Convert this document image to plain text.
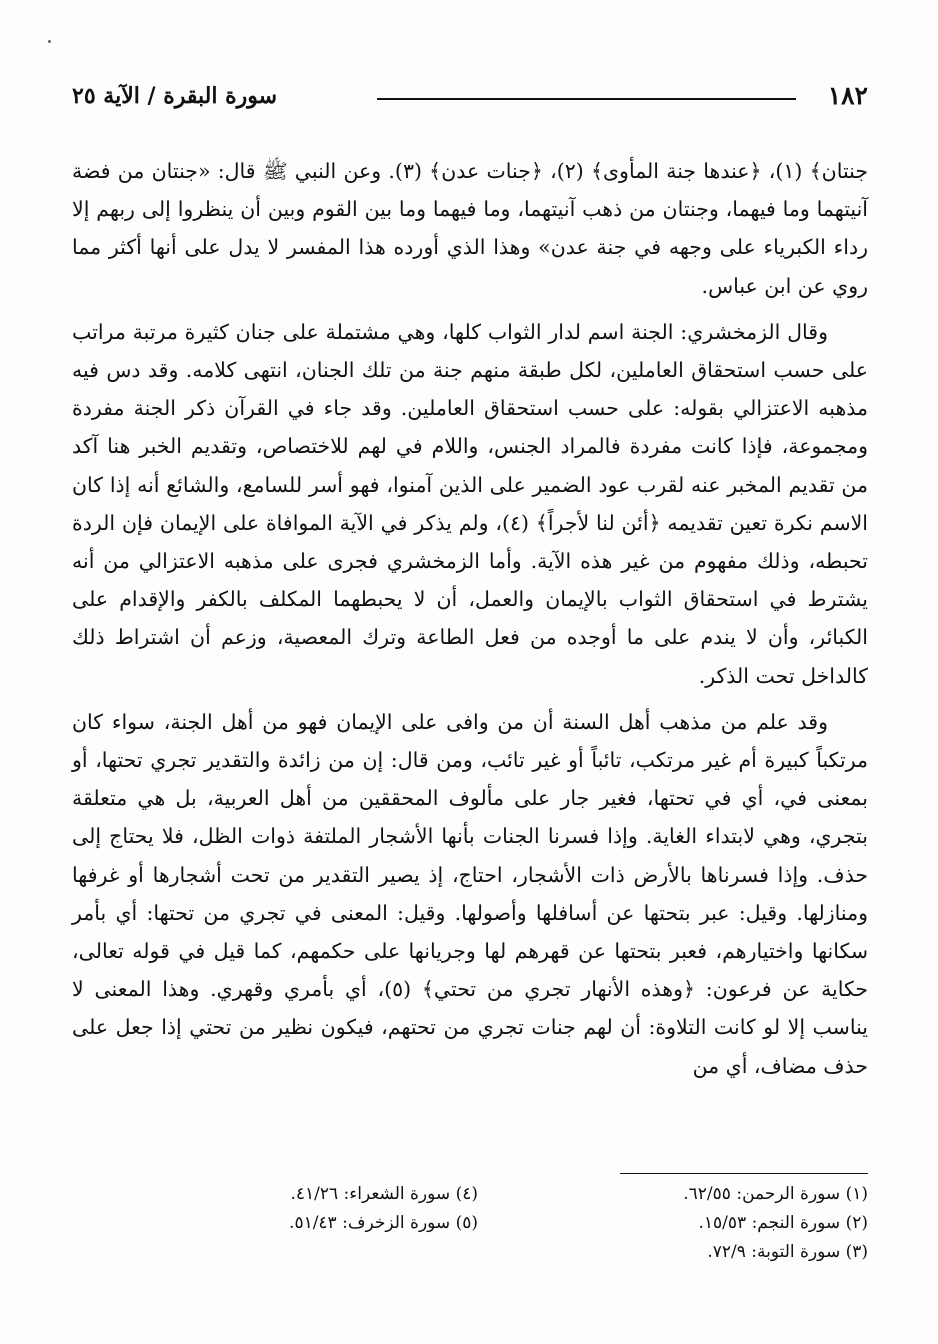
١٨٢
سورة البقرة / الآية ٢٥

جنتان﴾ (١)، ﴿عندها جنة المأوى﴾ (٢)، ﴿جنات عدن﴾ (٣). وعن النبي ﷺ قال: «جنتان من فضة آنيتهما وما فيهما، وجنتان من ذهب آنيتهما، وما فيهما وما بين القوم وبين أن ينظروا إلى ربهم إلا رداء الكبرياء على وجهه في جنة عدن» وهذا الذي أورده هذا المفسر لا يدل على أنها أكثر مما روي عن ابن عباس.

وقال الزمخشري: الجنة اسم لدار الثواب كلها، وهي مشتملة على جنان كثيرة مرتبة مراتب على حسب استحقاق العاملين، لكل طبقة منهم جنة من تلك الجنان، انتهى كلامه. وقد دس فيه مذهبه الاعتزالي بقوله: على حسب استحقاق العاملين. وقد جاء في القرآن ذكر الجنة مفردة ومجموعة، فإذا كانت مفردة فالمراد الجنس، واللام في لهم للاختصاص، وتقديم الخبر هنا آكد من تقديم المخبر عنه لقرب عود الضمير على الذين آمنوا، فهو أسر للسامع، والشائع أنه إذا كان الاسم نكرة تعين تقديمه ﴿أئن لنا لأجراً﴾ (٤)، ولم يذكر في الآية الموافاة على الإيمان فإن الردة تحبطه، وذلك مفهوم من غير هذه الآية. وأما الزمخشري فجرى على مذهبه الاعتزالي من أنه يشترط في استحقاق الثواب بالإيمان والعمل، أن لا يحبطهما المكلف بالكفر والإقدام على الكبائر، وأن لا يندم على ما أوجده من فعل الطاعة وترك المعصية، وزعم أن اشتراط ذلك كالداخل تحت الذكر.

وقد علم من مذهب أهل السنة أن من وافى على الإيمان فهو من أهل الجنة، سواء كان مرتكباً كبيرة أم غير مرتكب، تائباً أو غير تائب، ومن قال: إن من زائدة والتقدير تجري تحتها، أو بمعنى في، أي في تحتها، فغير جار على مألوف المحققين من أهل العربية، بل هي متعلقة بتجري، وهي لابتداء الغاية. وإذا فسرنا الجنات بأنها الأشجار الملتفة ذوات الظل، فلا يحتاج إلى حذف. وإذا فسرناها بالأرض ذات الأشجار، احتاج، إذ يصير التقدير من تحت أشجارها أو غرفها ومنازلها. وقيل: عبر بتحتها عن أسافلها وأصولها. وقيل: المعنى في تجري من تحتها: أي بأمر سكانها واختيارهم، فعبر بتحتها عن قهرهم لها وجريانها على حكمهم، كما قيل في قوله تعالى، حكاية عن فرعون: ﴿وهذه الأنهار تجري من تحتي﴾ (٥)، أي بأمري وقهري. وهذا المعنى لا يناسب إلا لو كانت التلاوة: أن لهم جنات تجري من تحتهم، فيكون نظير من تحتي إذا جعل على حذف مضاف، أي من

(١) سورة الرحمن: ٦٢/٥٥.
(٢) سورة النجم: ١٥/٥٣.
(٣) سورة التوبة: ٧٢/٩.
(٤) سورة الشعراء: ٤١/٢٦.
(٥) سورة الزخرف: ٥١/٤٣.
